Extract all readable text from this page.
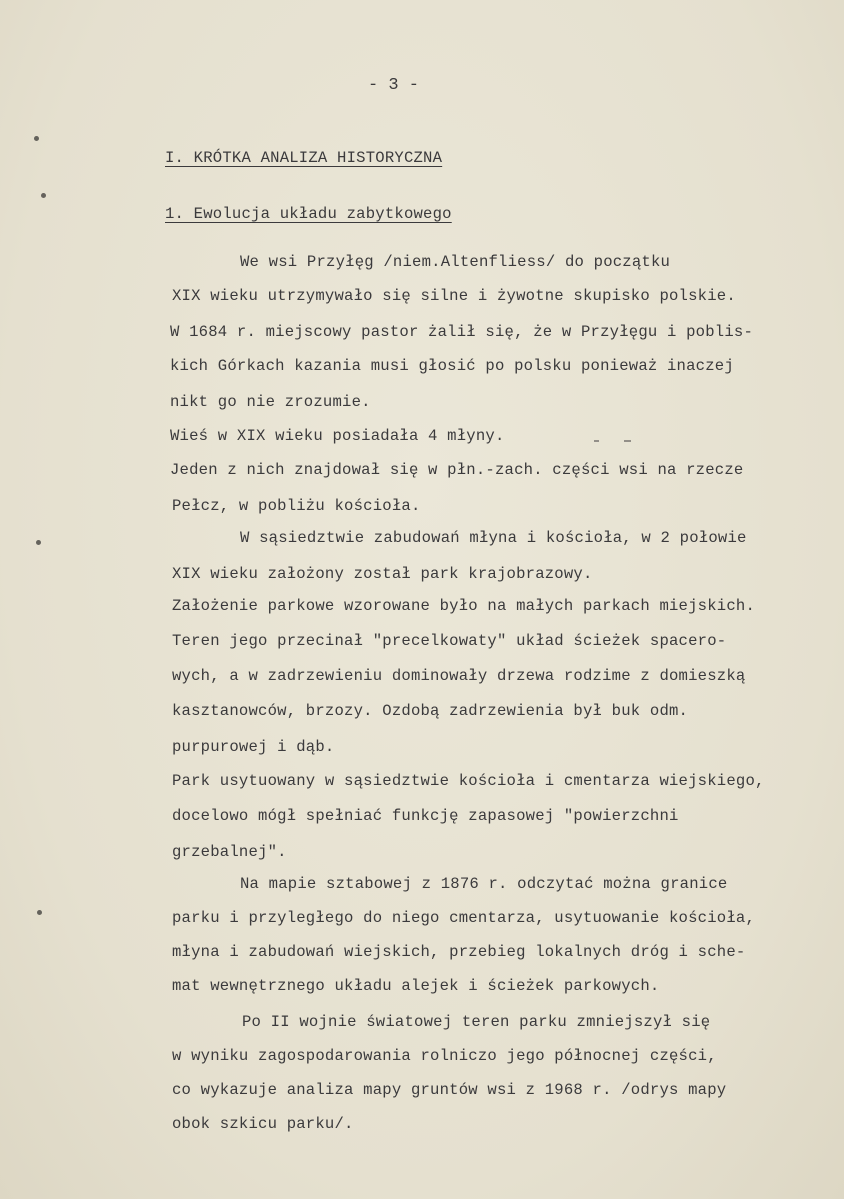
- 3 -
I. KRÓTKA ANALIZA HISTORYCZNA
1. Ewolucja układu zabytkowego
We wsi Przyłęg /niem.Altenfliess/ do początku
XIX wieku utrzymywało się silne i żywotne skupisko polskie.
W 1684 r. miejscowy pastor żalił się, że w Przyłęgu i poblis-
kich Górkach kazania musi głosić po polsku ponieważ inaczej
nikt go nie zrozumie.
Wieś w XIX wieku posiadała 4 młyny.
Jeden z nich znajdował się w płn.-zach. części wsi na rzecze
Pełcz, w pobliżu kościoła.
W sąsiedztwie zabudowań młyna i kościoła, w 2 połowie
XIX wieku założony został park krajobrazowy.
Założenie parkowe wzorowane było na małych parkach miejskich.
Teren jego przecinał "precelkowaty" układ ścieżek spacero-
wych, a w zadrzewieniu dominowały drzewa rodzime z domieszką
kasztanowców, brzozy. Ozdobą zadrzewienia był buk odm.
purpurowej i dąb.
Park usytuowany w sąsiedztwie kościoła i cmentarza wiejskiego,
docelowo mógł spełniać funkcję zapasowej "powierzchni
grzebalnej".
Na mapie sztabowej z 1876 r. odczytać można granice
parku i przyległego do niego cmentarza, usytuowanie kościoła,
młyna i zabudowań wiejskich, przebieg lokalnych dróg i sche-
mat wewnętrznego układu alejek i ścieżek parkowych.
Po II wojnie światowej teren parku zmniejszył się
w wyniku zagospodarowania rolniczo jego północnej części,
co wykazuje analiza mapy gruntów wsi z 1968 r. /odrys mapy
obok szkicu parku/.
